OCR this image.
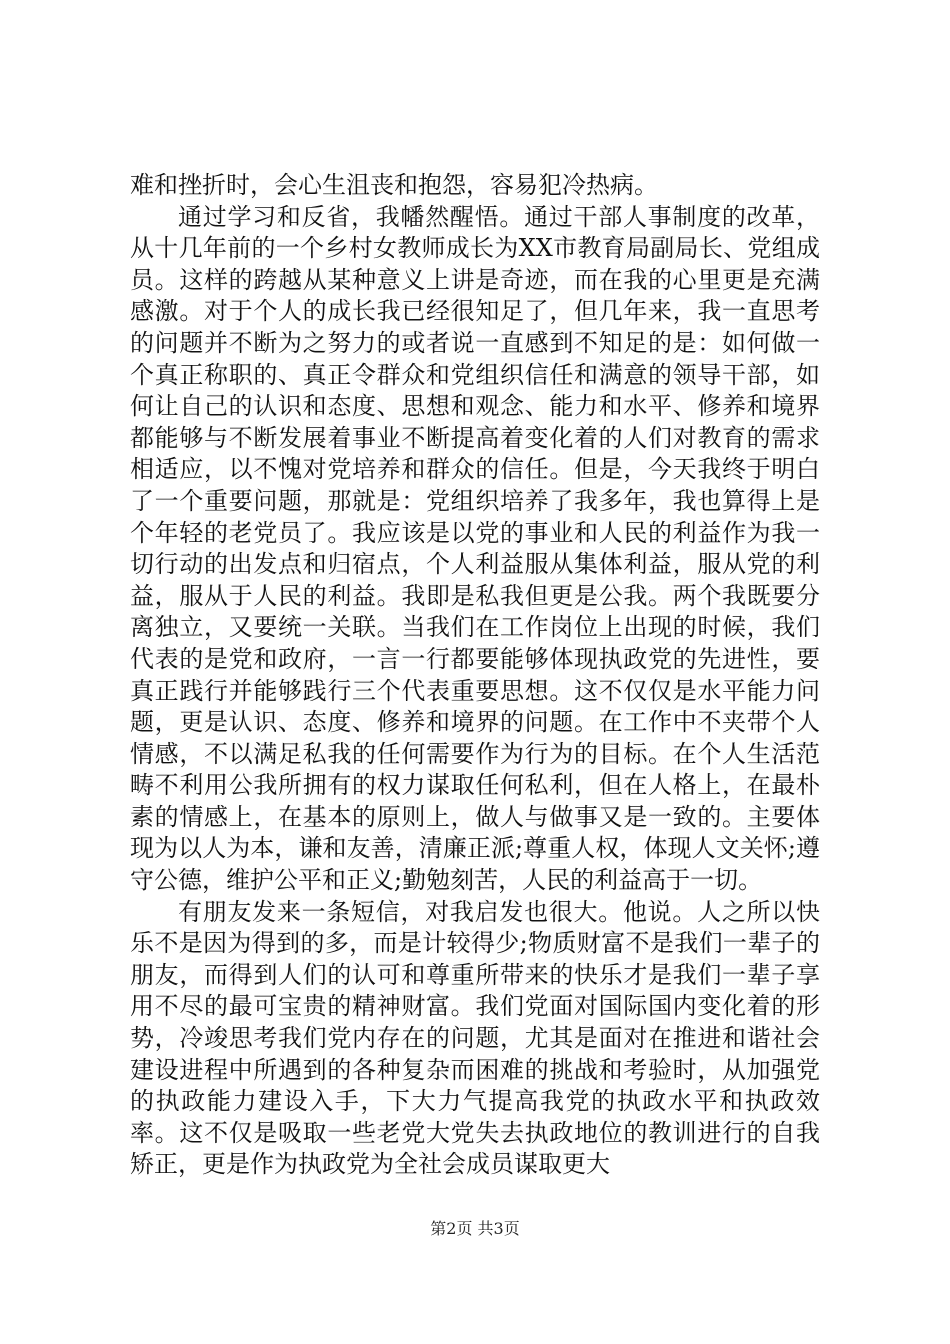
难和挫折时，会心生沮丧和抱怨，容易犯冷热病。

通过学习和反省，我幡然醒悟。通过干部人事制度的改革，从十几年前的一个乡村女教师成长为XX市教育局副局长、党组成员。这样的跨越从某种意义上讲是奇迹，而在我的心里更是充满感激。对于个人的成长我已经很知足了，但几年来，我一直思考的问题并不断为之努力的或者说一直感到不知足的是：如何做一个真正称职的、真正令群众和党组织信任和满意的领导干部，如何让自己的认识和态度、思想和观念、能力和水平、修养和境界都能够与不断发展着事业不断提高着变化着的人们对教育的需求相适应，以不愧对党培养和群众的信任。但是，今天我终于明白了一个重要问题，那就是：党组织培养了我多年，我也算得上是个年轻的老党员了。我应该是以党的事业和人民的利益作为我一切行动的出发点和归宿点，个人利益服从集体利益，服从党的利益，服从于人民的利益。我即是私我但更是公我。两个我既要分离独立，又要统一关联。当我们在工作岗位上出现的时候，我们代表的是党和政府，一言一行都要能够体现执政党的先进性，要真正践行并能够践行三个代表重要思想。这不仅仅是水平能力问题，更是认识、态度、修养和境界的问题。在工作中不夹带个人情感，不以满足私我的任何需要作为行为的目标。在个人生活范畴不利用公我所拥有的权力谋取任何私利，但在人格上，在最朴素的情感上，在基本的原则上，做人与做事又是一致的。主要体现为以人为本，谦和友善，清廉正派;尊重人权，体现人文关怀;遵守公德，维护公平和正义;勤勉刻苦，人民的利益高于一切。

有朋友发来一条短信，对我启发也很大。他说。人之所以快乐不是因为得到的多，而是计较得少;物质财富不是我们一辈子的朋友，而得到人们的认可和尊重所带来的快乐才是我们一辈子享用不尽的最可宝贵的精神财富。我们党面对国际国内变化着的形势，冷竣思考我们党内存在的问题，尤其是面对在推进和谐社会建设进程中所遇到的各种复杂而困难的挑战和考验时，从加强党的执政能力建设入手，下大力气提高我党的执政水平和执政效率。这不仅是吸取一些老党大党失去执政地位的教训进行的自我矫正，更是作为执政党为全社会成员谋取更大

第2页 共3页
